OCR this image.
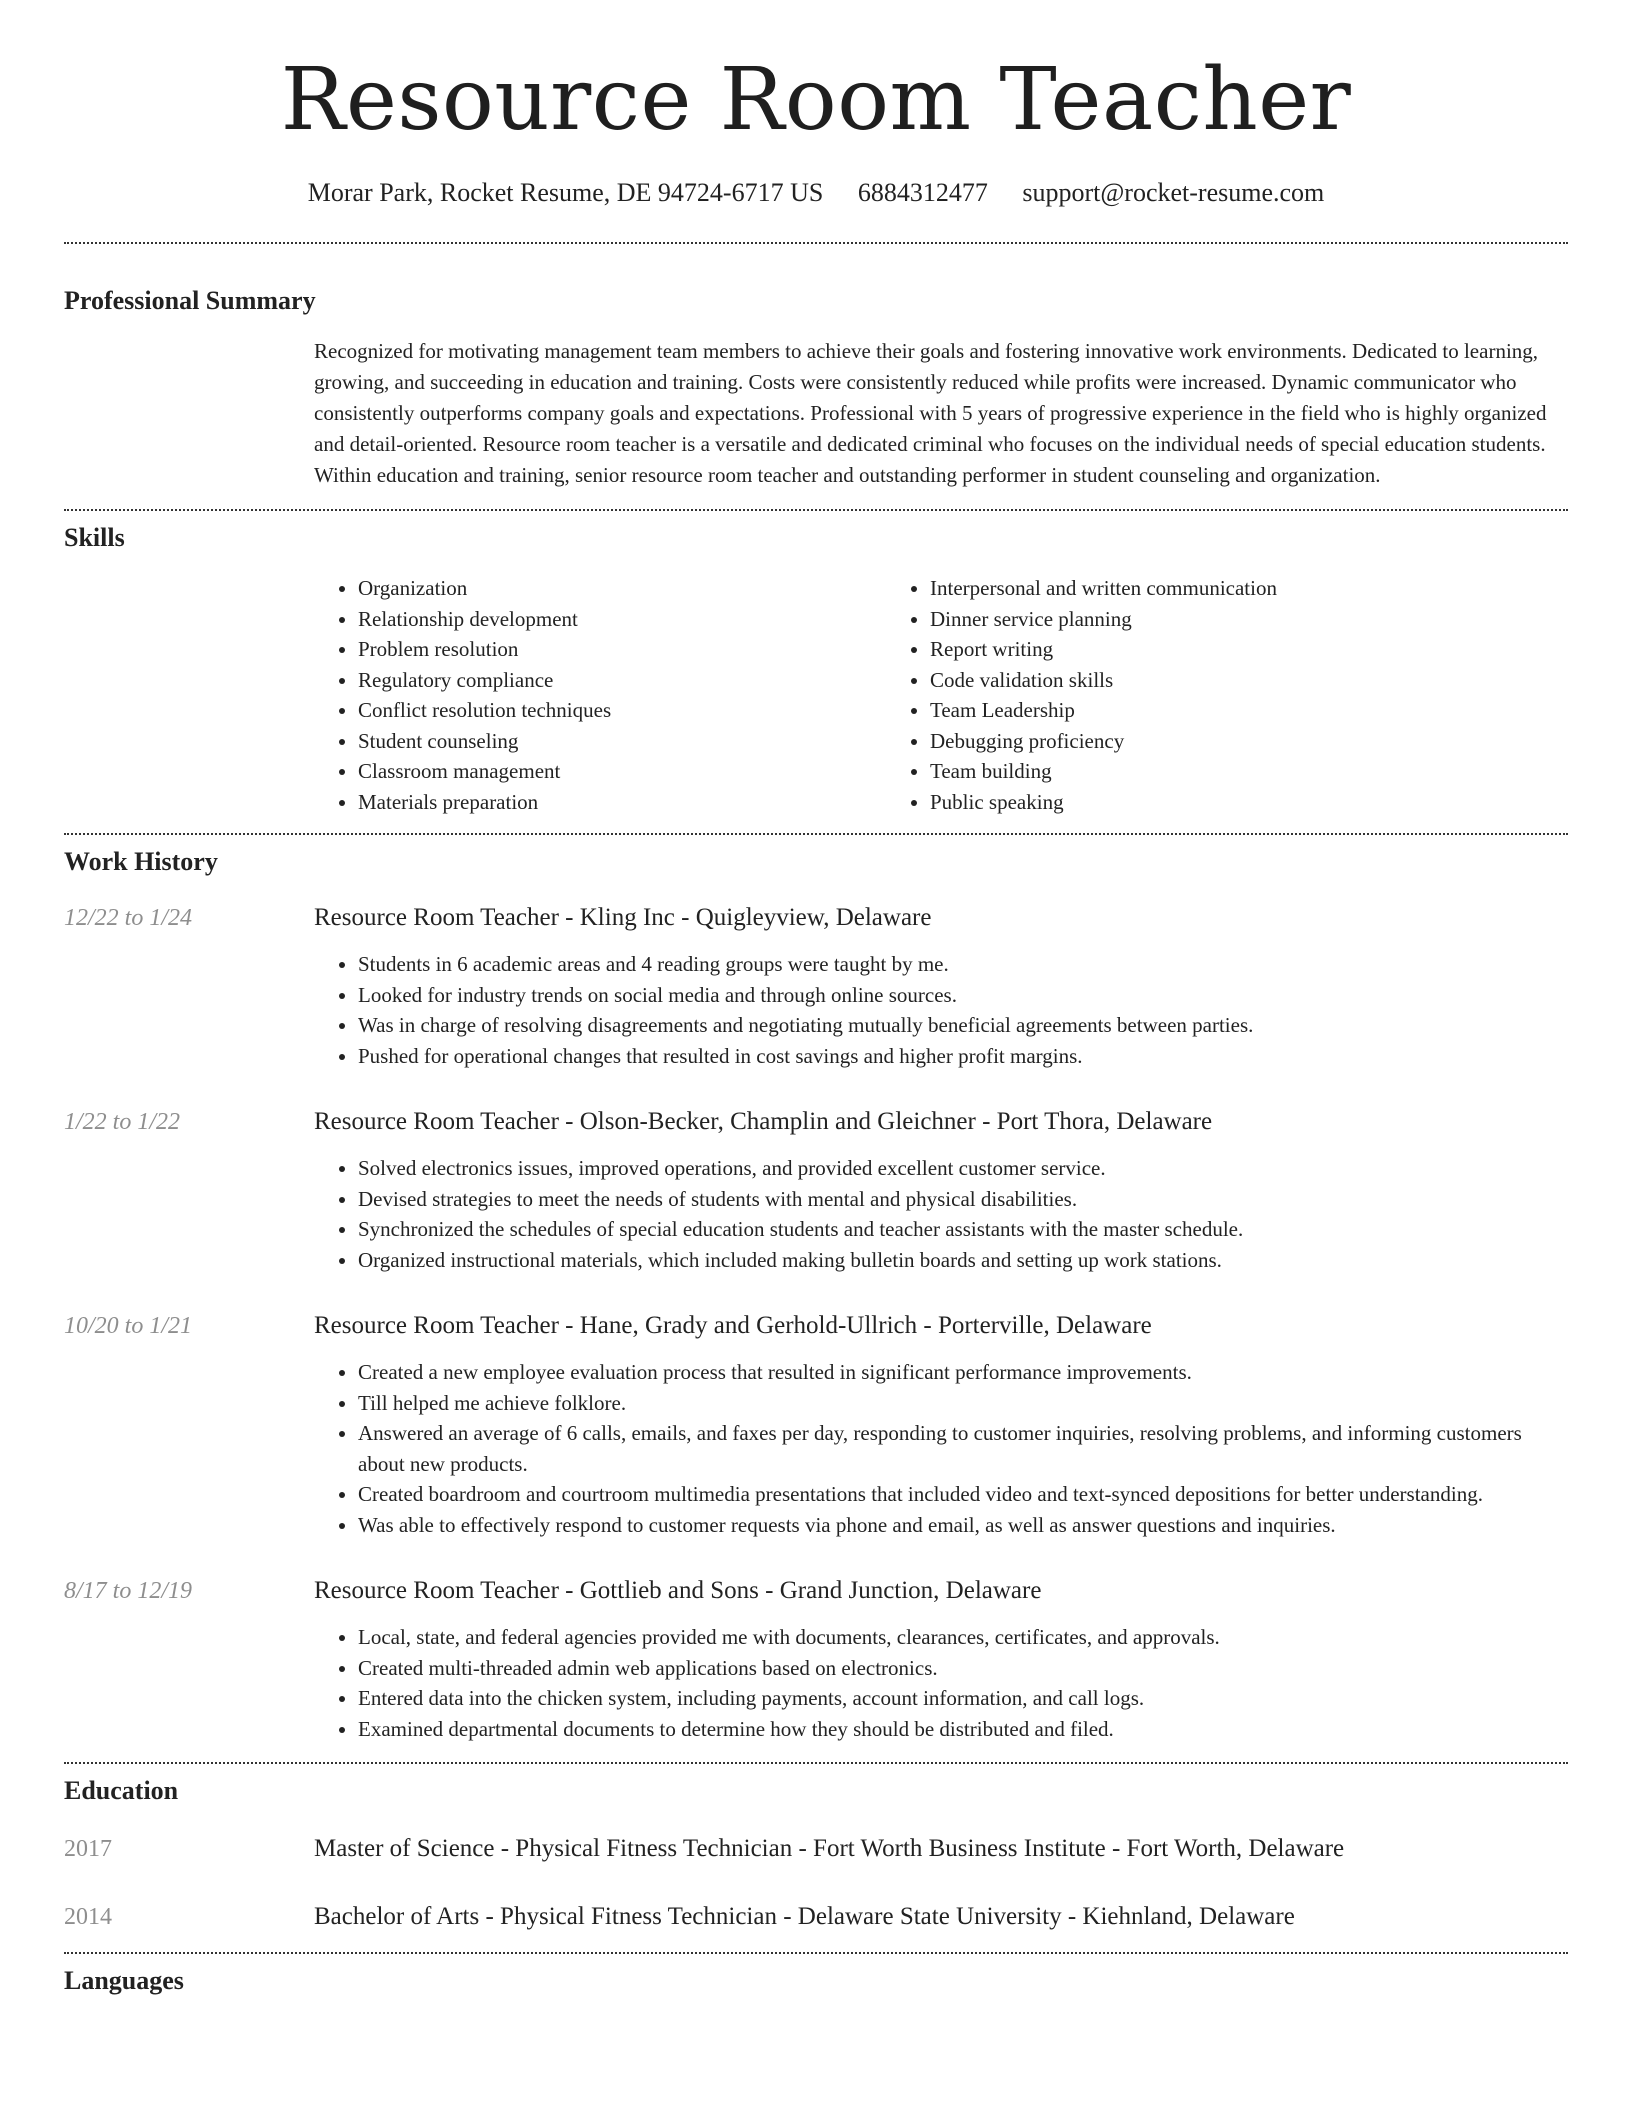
Resource Room Teacher
Morar Park, Rocket Resume, DE 94724-6717 US 6884312477 support@rocket-resume.com
Professional Summary

Recognized for motivating management team members to achieve their goals and fostering innovative work environments. Dedicated to learning, growing, and succeeding in education and training. Costs were consistently reduced while profits were increased. Dynamic communicator who consistently outperforms company goals and expectations. Professional with 5 years of progressive experience in the field who is highly organized and detail-oriented. Resource room teacher is a versatile and dedicated criminal who focuses on the individual needs of special education students. Within education and training, senior resource room teacher and outstanding performer in student counseling and organization.

Skills
• Organization
• Relationship development
• Problem resolution
• Regulatory compliance
• Conflict resolution techniques
• Student counseling
• Classroom management
• Materials preparation
• Interpersonal and written communication
• Dinner service planning
• Report writing
• Code validation skills
• Team Leadership
• Debugging proficiency
• Team building
• Public speaking
Work History
12/22 to 1/24	Resource Room Teacher - Kling Inc - Quigleyview, Delaware
• Students in 6 academic areas and 4 reading groups were taught by me.
• Looked for industry trends on social media and through online sources.
• Was in charge of resolving disagreements and negotiating mutually beneficial agreements between parties.
• Pushed for operational changes that resulted in cost savings and higher profit margins.
1/22 to 1/22	Resource Room Teacher - Olson-Becker, Champlin and Gleichner - Port Thora, Delaware
• Solved electronics issues, improved operations, and provided excellent customer service.
• Devised strategies to meet the needs of students with mental and physical disabilities.
• Synchronized the schedules of special education students and teacher assistants with the master schedule.
• Organized instructional materials, which included making bulletin boards and setting up work stations.
10/20 to 1/21	Resource Room Teacher - Hane, Grady and Gerhold-Ullrich - Porterville, Delaware
• Created a new employee evaluation process that resulted in significant performance improvements.
• Till helped me achieve folklore.
• Answered an average of 6 calls, emails, and faxes per day, responding to customer inquiries, resolving problems, and informing customers about new products.
• Created boardroom and courtroom multimedia presentations that included video and text-synced depositions for better understanding.
• Was able to effectively respond to customer requests via phone and email, as well as answer questions and inquiries.
8/17 to 12/19	Resource Room Teacher - Gottlieb and Sons - Grand Junction, Delaware
• Local, state, and federal agencies provided me with documents, clearances, certificates, and approvals.
• Created multi-threaded admin web applications based on electronics.
• Entered data into the chicken system, including payments, account information, and call logs.
• Examined departmental documents to determine how they should be distributed and filed.
Education
2017	Master of Science - Physical Fitness Technician - Fort Worth Business Institute - Fort Worth, Delaware
2014	Bachelor of Arts - Physical Fitness Technician - Delaware State University - Kiehnland, Delaware
Languages
